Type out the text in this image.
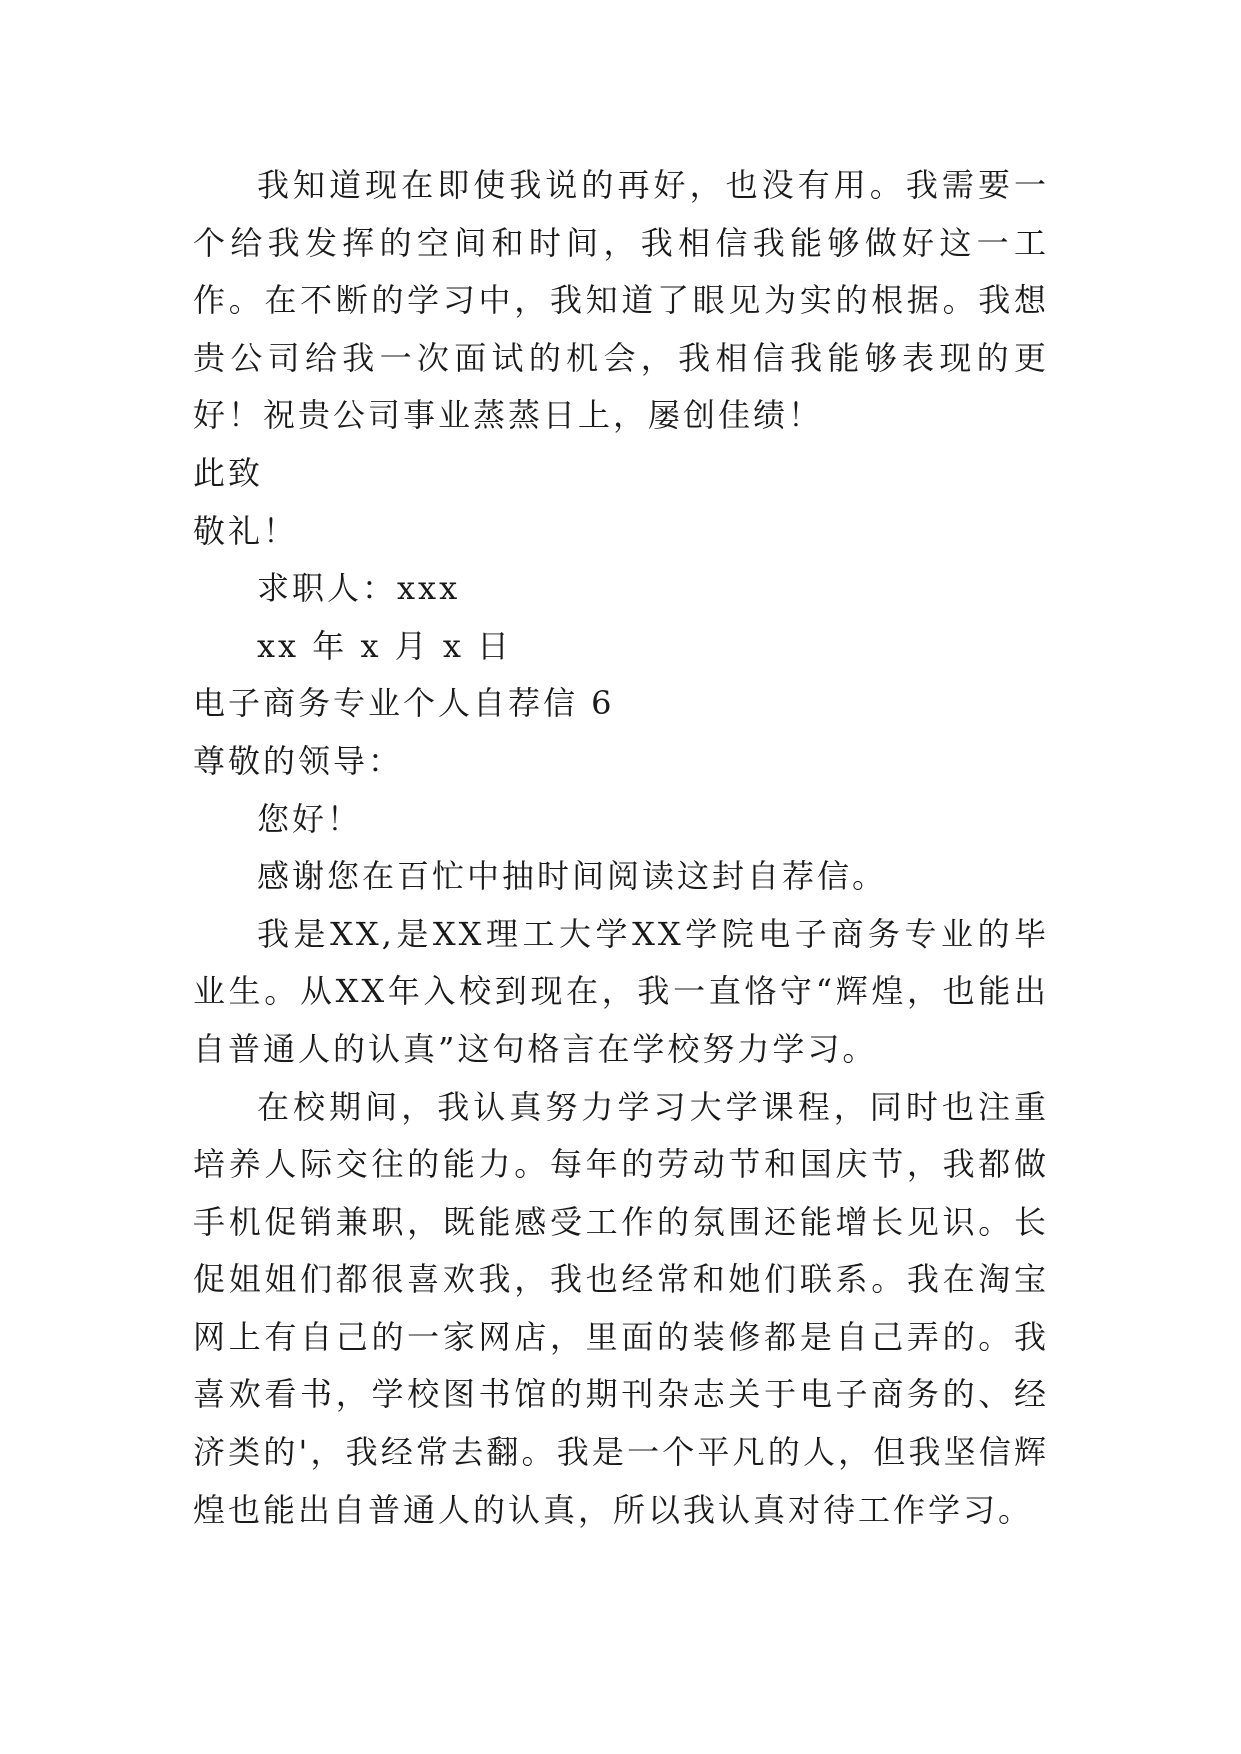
我知道现在即使我说的再好，也没有用。我需要一个给我发挥的空间和时间，我相信我能够做好这一工作。在不断的学习中，我知道了眼见为实的根据。我想贵公司给我一次面试的机会，我相信我能够表现的更好！祝贵公司事业蒸蒸日上，屡创佳绩！

此致

敬礼！

求职人：xxx

xx 年 x 月 x 日

电子商务专业个人自荐信 6

尊敬的领导：

您好！

感谢您在百忙中抽时间阅读这封自荐信。

我是XX,是XX理工大学XX学院电子商务专业的毕业生。从XX年入校到现在，我一直恪守“辉煌，也能出自普通人的认真”这句格言在学校努力学习。

在校期间，我认真努力学习大学课程，同时也注重培养人际交往的能力。每年的劳动节和国庆节，我都做手机促销兼职，既能感受工作的氛围还能增长见识。长促姐姐们都很喜欢我，我也经常和她们联系。我在淘宝网上有自己的一家网店，里面的装修都是自己弄的。我喜欢看书，学校图书馆的期刊杂志关于电子商务的、经济类的'，我经常去翻。我是一个平凡的人，但我坚信辉煌也能出自普通人的认真，所以我认真对待工作学习。
